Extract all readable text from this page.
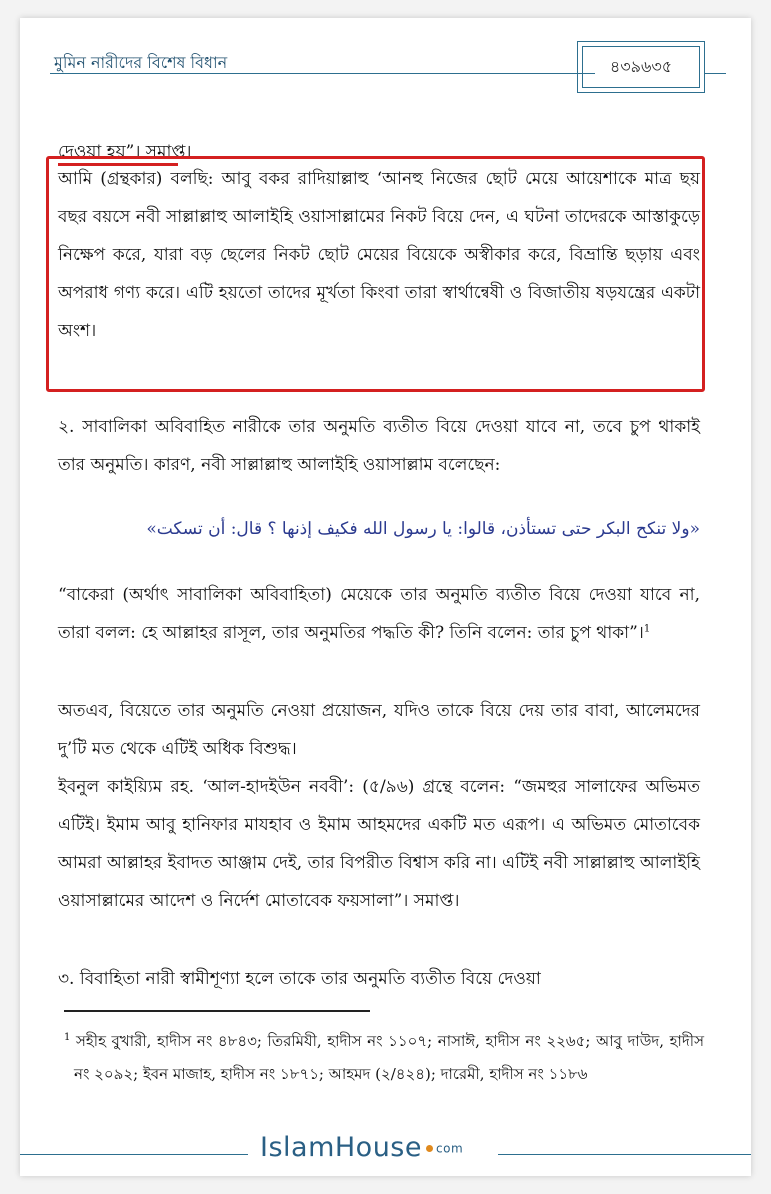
মুমিন নারীদের বিশেষ বিধান	৪৩৯৬৩৫
দেওয়া হয়”। সমাপ্ত।
আমি (গ্রন্থকার) বলছি: আবু বকর রাদিয়াল্লাহু ‘আনহু নিজের ছোট মেয়ে আয়েশাকে মাত্র ছয় বছর বয়সে নবী সাল্লাল্লাহু আলাইহি ওয়াসাল্লামের নিকট বিয়ে দেন, এ ঘটনা তাদেরকে আস্তাকুড়ে নিক্ষেপ করে, যারা বড় ছেলের নিকট ছোট মেয়ের বিয়েকে অস্বীকার করে, বিভ্রান্তি ছড়ায় এবং অপরাধ গণ্য করে। এটি হয়তো তাদের মূর্খতা কিংবা তারা স্বার্থান্বেষী ও বিজাতীয় ষড়যন্ত্রের একটা অংশ।
২. সাবালিকা অবিবাহিত নারীকে তার অনুমতি ব্যতীত বিয়ে দেওয়া যাবে না, তবে চুপ থাকাই তার অনুমতি। কারণ, নবী সাল্লাল্লাহু আলাইহি ওয়াসাল্লাম বলেছেন:
«ولا تنكح البكر حتى تستأذن، قالوا: يا رسول الله فكيف إذنها ؟ قال: أن تسكت»
“বাকেরা (অর্থাৎ সাবালিকা অবিবাহিতা) মেয়েকে তার অনুমতি ব্যতীত বিয়ে দেওয়া যাবে না, তারা বলল: হে আল্লাহর রাসূল, তার অনুমতির পদ্ধতি কী? তিনি বলেন: তার চুপ থাকা”।$^1$
অতএব, বিয়েতে তার অনুমতি নেওয়া প্রয়োজন, যদিও তাকে বিয়ে দেয় তার বাবা, আলেমদের দু’টি মত থেকে এটিই অধিক বিশুদ্ধ।
ইবনুল কাইয়্যিম রহ. ‘আল-হাদইউন নববী’: (৫/৯৬) গ্রন্থে বলেন: “জমহুর সালাফের অভিমত এটিই। ইমাম আবু হানিফার মাযহাব ও ইমাম আহমদের একটি মত এরূপ। এ অভিমত মোতাবেক আমরা আল্লাহর ইবাদত আঞ্জাম দেই, তার বিপরীত বিশ্বাস করি না। এটিই নবী সাল্লাল্লাহু আলাইহি ওয়াসাল্লামের আদেশ ও নির্দেশ মোতাবেক ফয়সালা”। সমাপ্ত।
৩. বিবাহিতা নারী স্বামীশূণ্যা হলে তাকে তার অনুমতি ব্যতীত বিয়ে দেওয়া
$^1$ সহীহ বুখারী, হাদীস নং ৪৮৪৩; তিরমিযী, হাদীস নং ১১০৭; নাসাঈ, হাদীস নং ২২৬৫; আবু দাউদ, হাদীস নং ২০৯২; ইবন মাজাহ, হাদীস নং ১৮৭১; আহমদ (২/৪২৪); দারেমী, হাদীস নং ১১৮৬
IslamHouse com
